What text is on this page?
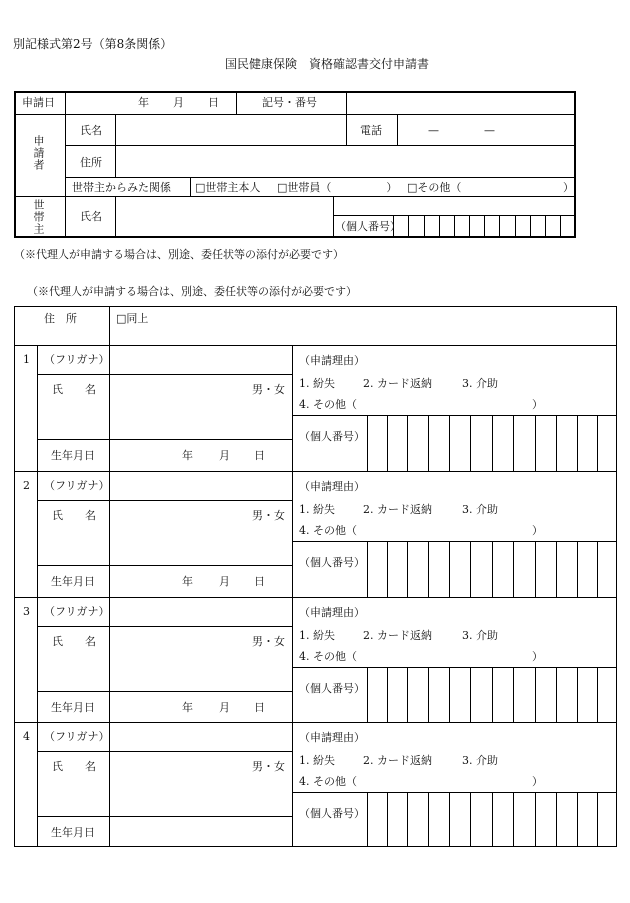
別記様式第2号（第8条関係）
国民健康保険　資格確認書交付申請書
申請日	年 月 日	記号・番号
申請者
氏名	電話	—	—
住所
世帯主からみた関係 □世帯主本人 □世帯員（　　　　　） □その他（	）
世帯主	氏名
（個人番号）
（※代理人が申請する場合は、別途、委任状等の添付が必要です）
（※代理人が申請する場合は、別途、委任状等の添付が必要です）
住　所	□同上
1 （フリガナ）
氏　　名	男・女
生年月日	年 月 日
（申請理由）
1. 紛失	2. カード返納	3. 介助
4. その他（	）
（個人番号）
2 （フリガナ）
氏　　名	男・女
生年月日	年 月 日
（申請理由）
1. 紛失	2. カード返納	3. 介助
4. その他（	）
（個人番号）
3 （フリガナ）
氏　　名	男・女
生年月日	年 月 日
（申請理由）
1. 紛失	2. カード返納	3. 介助
4. その他（	）
（個人番号）
4 （フリガナ）
氏　　名	男・女
生年月日
（申請理由）
1. 紛失	2. カード返納	3. 介助
4. その他（	）
（個人番号）
